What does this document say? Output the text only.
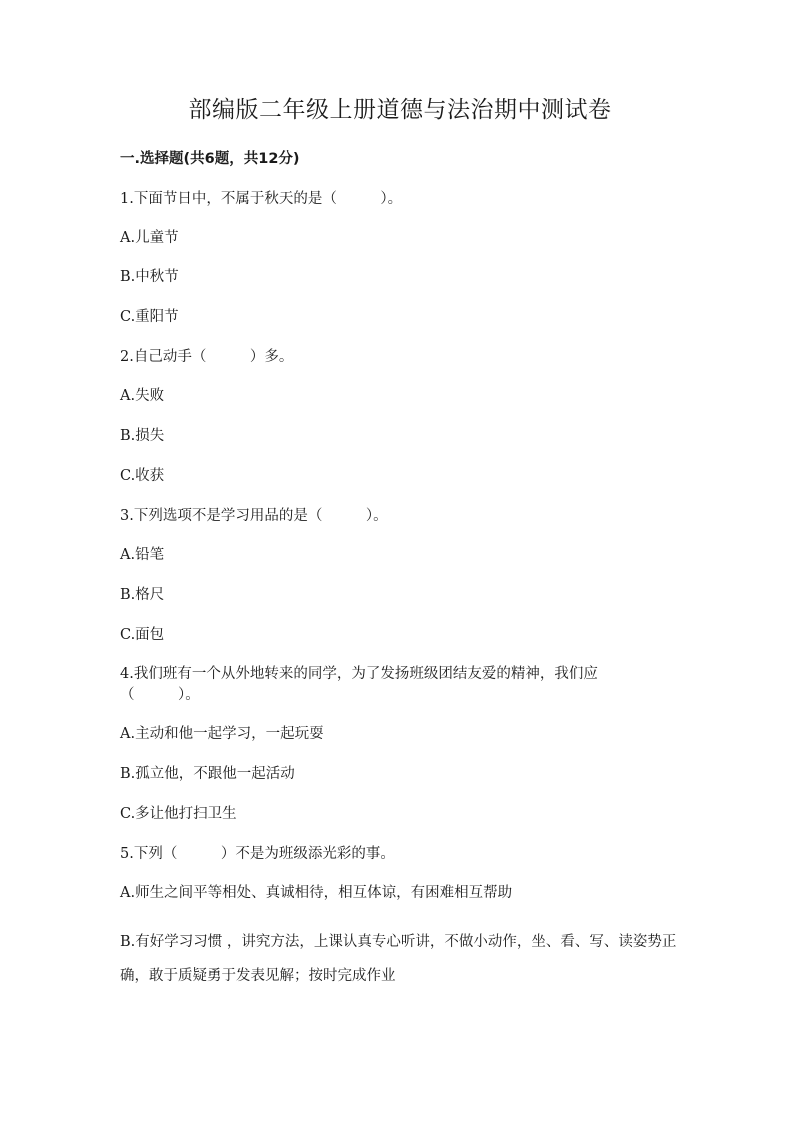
部编版二年级上册道德与法治期中测试卷
一.选择题(共6题，共12分)
1.下面节日中，不属于秋天的是（　　　）。
A.儿童节
B.中秋节
C.重阳节
2.自己动手（　　　）多。
A.失败
B.损失
C.收获
3.下列选项不是学习用品的是（　　　）。
A.铅笔
B.格尺
C.面包
4.我们班有一个从外地转来的同学，为了发扬班级团结友爱的精神，我们应
（　　　）。
A.主动和他一起学习，一起玩耍
B.孤立他，不跟他一起活动
C.多让他打扫卫生
5.下列（　　　）不是为班级添光彩的事。
A.师生之间平等相处、真诚相待，相互体谅，有困难相互帮助
B.有好学习习惯 ，讲究方法，上课认真专心听讲，不做小动作，坐、看、写、读姿势正确，敢于质疑勇于发表见解；按时完成作业
